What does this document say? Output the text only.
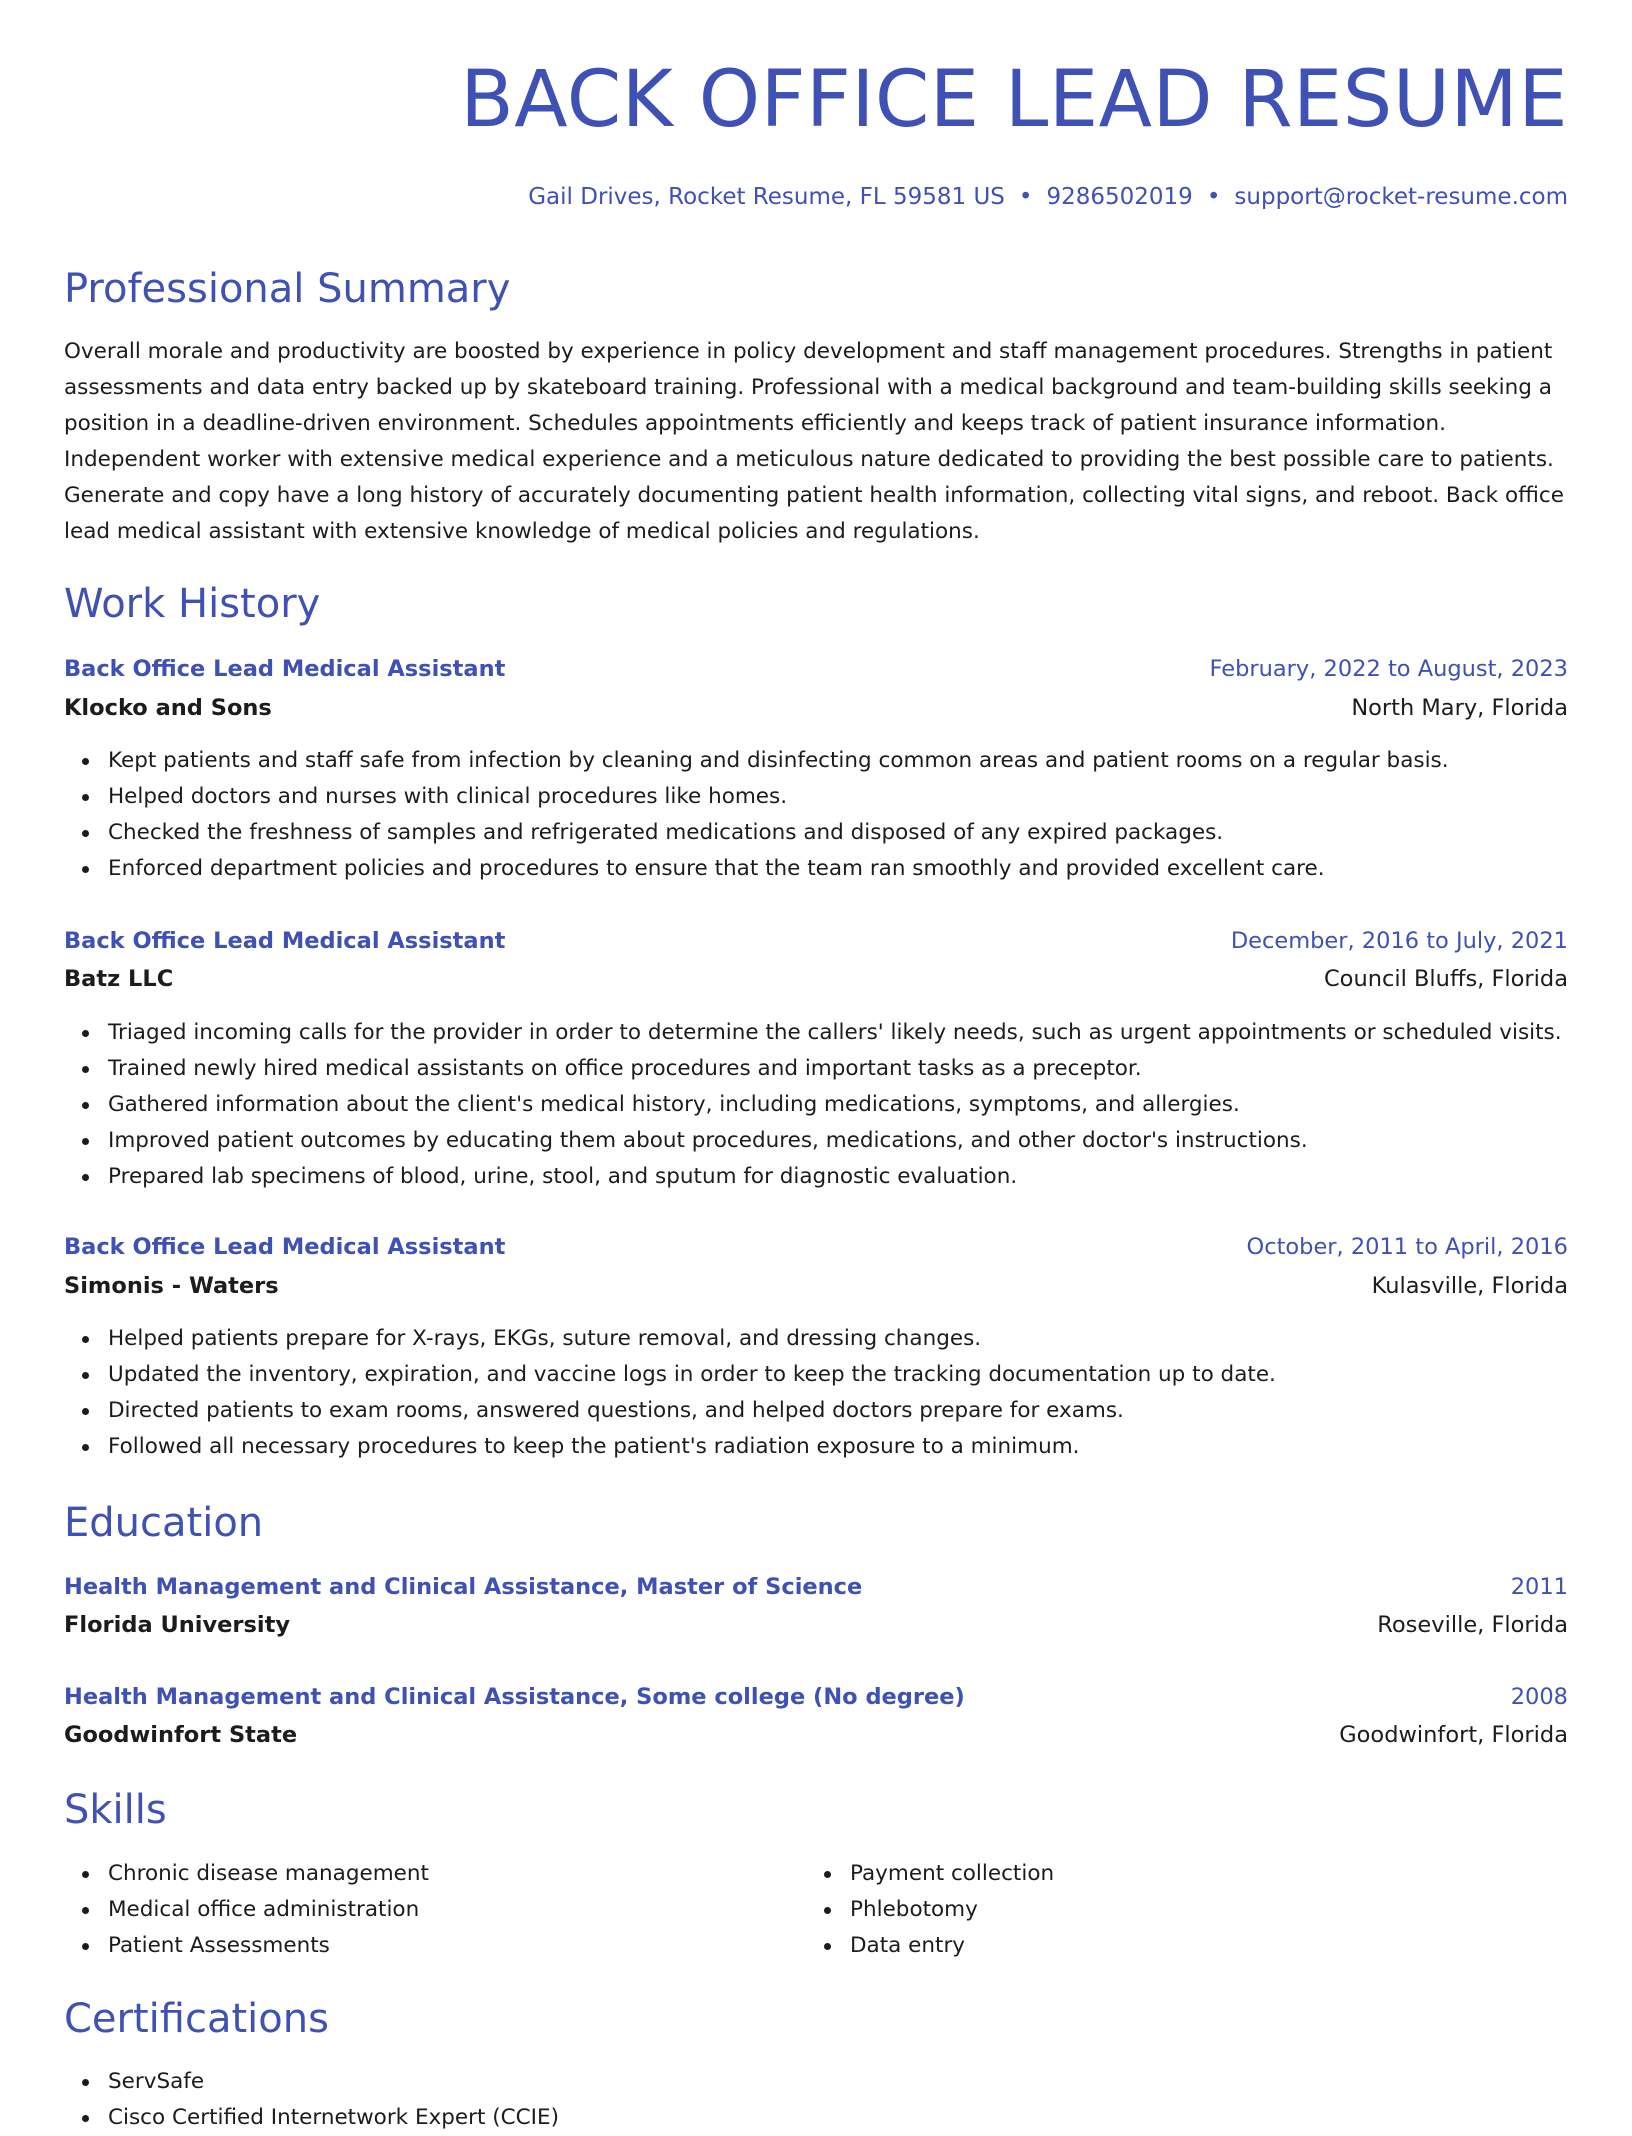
BACK OFFICE LEAD RESUME
Gail Drives, Rocket Resume, FL 59581 US • 9286502019 • support@rocket-resume.com
Professional Summary
Overall morale and productivity are boosted by experience in policy development and staff management procedures. Strengths in patient assessments and data entry backed up by skateboard training. Professional with a medical background and team-building skills seeking a position in a deadline-driven environment. Schedules appointments efficiently and keeps track of patient insurance information. Independent worker with extensive medical experience and a meticulous nature dedicated to providing the best possible care to patients. Generate and copy have a long history of accurately documenting patient health information, collecting vital signs, and reboot. Back office lead medical assistant with extensive knowledge of medical policies and regulations.
Work History
Back Office Lead Medical Assistant	February, 2022 to August, 2023
Klocko and Sons	North Mary, Florida
Kept patients and staff safe from infection by cleaning and disinfecting common areas and patient rooms on a regular basis.
Helped doctors and nurses with clinical procedures like homes.
Checked the freshness of samples and refrigerated medications and disposed of any expired packages.
Enforced department policies and procedures to ensure that the team ran smoothly and provided excellent care.
Back Office Lead Medical Assistant	December, 2016 to July, 2021
Batz LLC	Council Bluffs, Florida
Triaged incoming calls for the provider in order to determine the callers' likely needs, such as urgent appointments or scheduled visits.
Trained newly hired medical assistants on office procedures and important tasks as a preceptor.
Gathered information about the client's medical history, including medications, symptoms, and allergies.
Improved patient outcomes by educating them about procedures, medications, and other doctor's instructions.
Prepared lab specimens of blood, urine, stool, and sputum for diagnostic evaluation.
Back Office Lead Medical Assistant	October, 2011 to April, 2016
Simonis - Waters	Kulasville, Florida
Helped patients prepare for X-rays, EKGs, suture removal, and dressing changes.
Updated the inventory, expiration, and vaccine logs in order to keep the tracking documentation up to date.
Directed patients to exam rooms, answered questions, and helped doctors prepare for exams.
Followed all necessary procedures to keep the patient's radiation exposure to a minimum.
Education
Health Management and Clinical Assistance, Master of Science	2011
Florida University	Roseville, Florida
Health Management and Clinical Assistance, Some college (No degree)	2008
Goodwinfort State	Goodwinfort, Florida
Skills
Chronic disease management
Medical office administration
Patient Assessments
Payment collection
Phlebotomy
Data entry
Certifications
ServSafe
Cisco Certified Internetwork Expert (CCIE)
